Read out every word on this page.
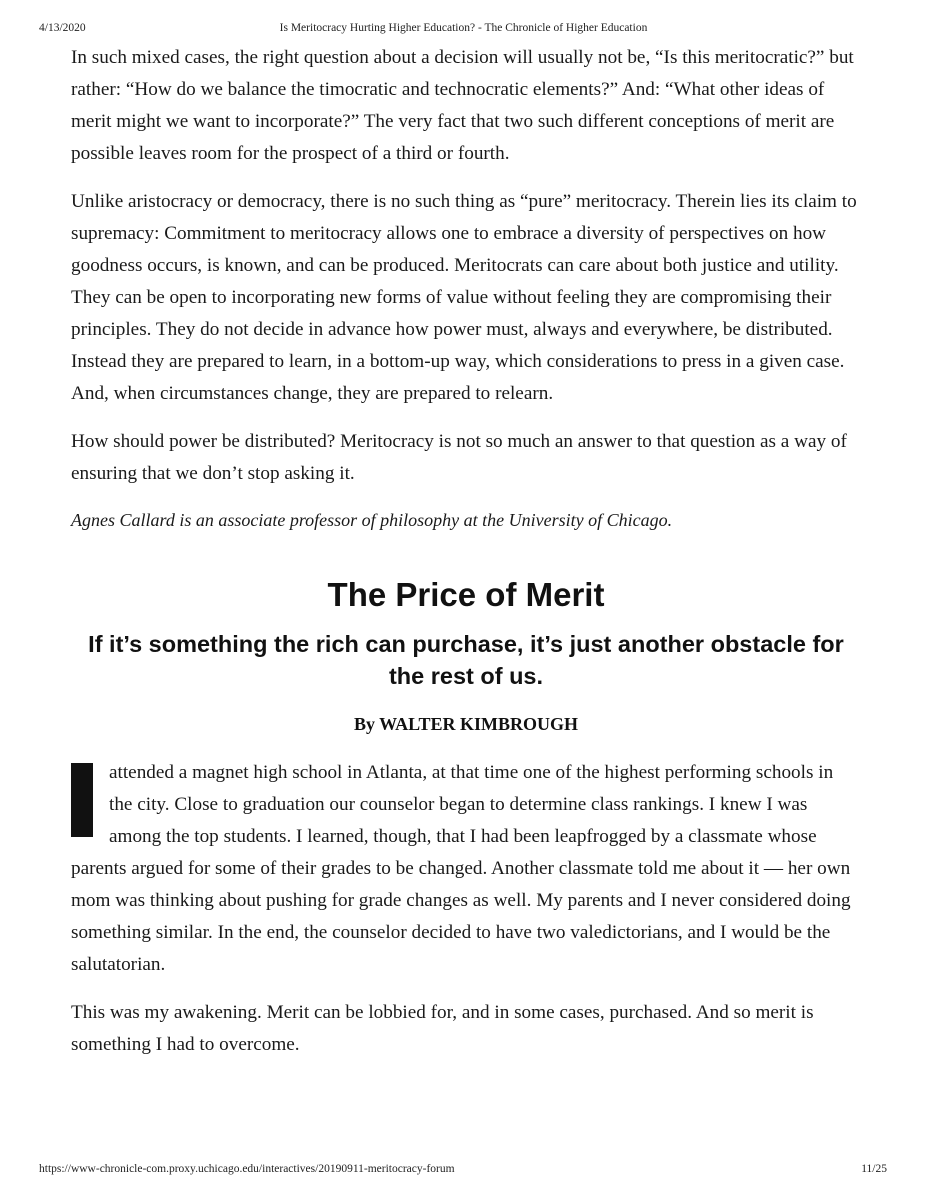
4/13/2020	Is Meritocracy Hurting Higher Education? - The Chronicle of Higher Education

In such mixed cases, the right question about a decision will usually not be, “Is this meritocratic?” but rather: “How do we balance the timocratic and technocratic elements?” And: “What other ideas of merit might we want to incorporate?” The very fact that two such different conceptions of merit are possible leaves room for the prospect of a third or fourth.

Unlike aristocracy or democracy, there is no such thing as “pure” meritocracy. Therein lies its claim to supremacy: Commitment to meritocracy allows one to embrace a diversity of perspectives on how goodness occurs, is known, and can be produced. Meritocrats can care about both justice and utility. They can be open to incorporating new forms of value without feeling they are compromising their principles. They do not decide in advance how power must, always and everywhere, be distributed. Instead they are prepared to learn, in a bottom-up way, which considerations to press in a given case. And, when circumstances change, they are prepared to relearn.

How should power be distributed? Meritocracy is not so much an answer to that question as a way of ensuring that we don’t stop asking it.

Agnes Callard is an associate professor of philosophy at the University of Chicago.

The Price of Merit
If it’s something the rich can purchase, it’s just another obstacle for the rest of us.

By WALTER KIMBROUGH

attended a magnet high school in Atlanta, at that time one of the highest performing schools in the city. Close to graduation our counselor began to determine class rankings. I knew I was among the top students. I learned, though, that I had been leapfrogged by a classmate whose parents argued for some of their grades to be changed. Another classmate told me about it — her own mom was thinking about pushing for grade changes as well. My parents and I never considered doing something similar. In the end, the counselor decided to have two valedictorians, and I would be the salutatorian.

This was my awakening. Merit can be lobbied for, and in some cases, purchased. And so merit is something I had to overcome.

https://www-chronicle-com.proxy.uchicago.edu/interactives/20190911-meritocracy-forum	11/25
